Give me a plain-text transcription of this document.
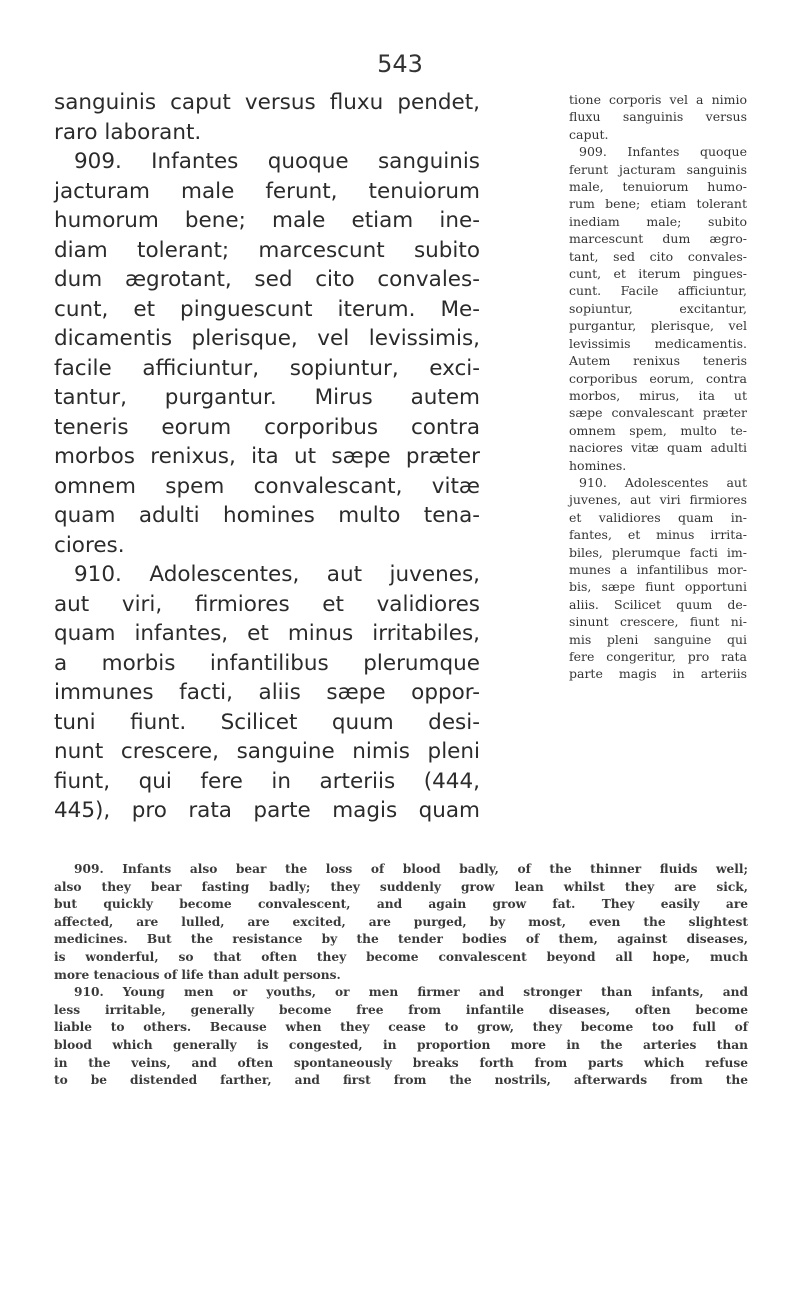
543
sanguinis caput versus fluxu pendet,
raro laborant.
909. Infantes quoque sanguinis
jacturam male ferunt, tenuiorum
humorum bene; male etiam ine-
diam tolerant; marcescunt subito
dum ægrotant, sed cito convales-
cunt, et pinguescunt iterum. Me-
dicamentis plerisque, vel levissimis,
facile afficiuntur, sopiuntur, exci-
tantur, purgantur. Mirus autem
teneris eorum corporibus contra
morbos renixus, ita ut sæpe præter
omnem spem convalescant, vitæ
quam adulti homines multo tena-
ciores.
910. Adolescentes, aut juvenes,
aut viri, firmiores et validiores
quam infantes, et minus irritabiles,
a morbis infantilibus plerumque
immunes facti, aliis sæpe oppor-
tuni fiunt. Scilicet quum desi-
nunt crescere, sanguine nimis pleni
fiunt, qui fere in arteriis (444,
445), pro rata parte magis quam
tione corporis vel a nimio
fluxu sanguinis versus
caput.
909. Infantes quoque
ferunt jacturam sanguinis
male, tenuiorum humo-
rum bene; etiam tolerant
inediam male; subito
marcescunt dum ægro-
tant, sed cito convales-
cunt, et iterum pingues-
cunt. Facile afficiuntur,
sopiuntur, excitantur,
purgantur, plerisque, vel
levissimis medicamentis.
Autem renixus teneris
corporibus eorum, contra
morbos, mirus, ita ut
sæpe convalescant præter
omnem spem, multo te-
naciores vitæ quam adulti
homines.
910. Adolescentes aut
juvenes, aut viri firmiores
et validiores quam in-
fantes, et minus irrita-
biles, plerumque facti im-
munes a infantilibus mor-
bis, sæpe fiunt opportuni
aliis. Scilicet quum de-
sinunt crescere, fiunt ni-
mis pleni sanguine qui
fere congeritur, pro rata
parte magis in arteriis
909. Infants also bear the loss of blood badly, of the thinner fluids well;
also they bear fasting badly; they suddenly grow lean whilst they are sick,
but quickly become convalescent, and again grow fat. They easily are
affected, are lulled, are excited, are purged, by most, even the slightest
medicines. But the resistance by the tender bodies of them, against diseases,
is wonderful, so that often they become convalescent beyond all hope, much
more tenacious of life than adult persons.
910. Young men or youths, or men firmer and stronger than infants, and
less irritable, generally become free from infantile diseases, often become
liable to others. Because when they cease to grow, they become too full of
blood which generally is congested, in proportion more in the arteries than
in the veins, and often spontaneously breaks forth from parts which refuse
to be distended farther, and first from the nostrils, afterwards from the
